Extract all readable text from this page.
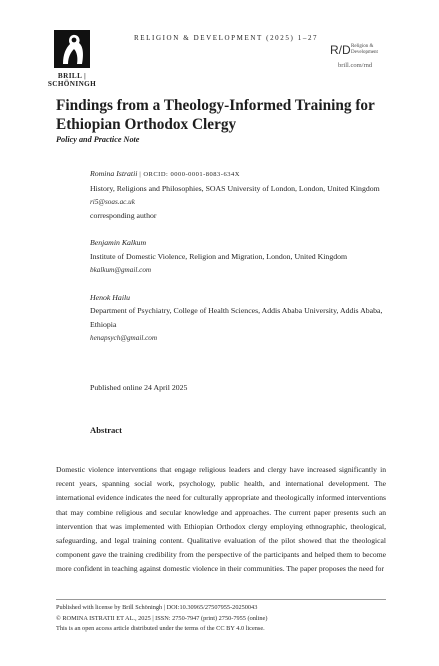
BRILL | SCHÖNINGH
RELIGION & DEVELOPMENT (2025) 1–27
R/D Religion &
Development
brill.com/rnd
Findings from a Theology-Informed Training for Ethiopian Orthodox Clergy
Policy and Practice Note
Romina Istratii | ORCID: 0000-0001-8083-634X
History, Religions and Philosophies, SOAS University of London, London, United Kingdom
ri5@soas.ac.uk
corresponding author
Benjamin Kalkum
Institute of Domestic Violence, Religion and Migration, London, United Kingdom
bkalkum@gmail.com
Henok Hailu
Department of Psychiatry, College of Health Sciences, Addis Ababa University, Addis Ababa, Ethiopia
henapsych@gmail.com
Published online 24 April 2025
Abstract

Domestic violence interventions that engage religious leaders and clergy have increased significantly in recent years, spanning social work, psychology, public health, and international development. The international evidence indicates the need for culturally appropriate and theologically informed interventions that may combine religious and secular knowledge and approaches. The current paper presents such an intervention that was implemented with Ethiopian Orthodox clergy employing ethnographic, theological, safeguarding, and legal training content. Qualitative evaluation of the pilot showed that the theological component gave the training credibility from the perspective of the participants and helped them to become more confident in teaching against domestic violence in their communities. The paper proposes the need for

Published with license by Brill Schöningh | DOI:10.30965/27507955-20250043
© ROMINA ISTRATII ET AL., 2025 | ISSN: 2750-7947 (print) 2750-7955 (online)
This is an open access article distributed under the terms of the CC BY 4.0 license.
